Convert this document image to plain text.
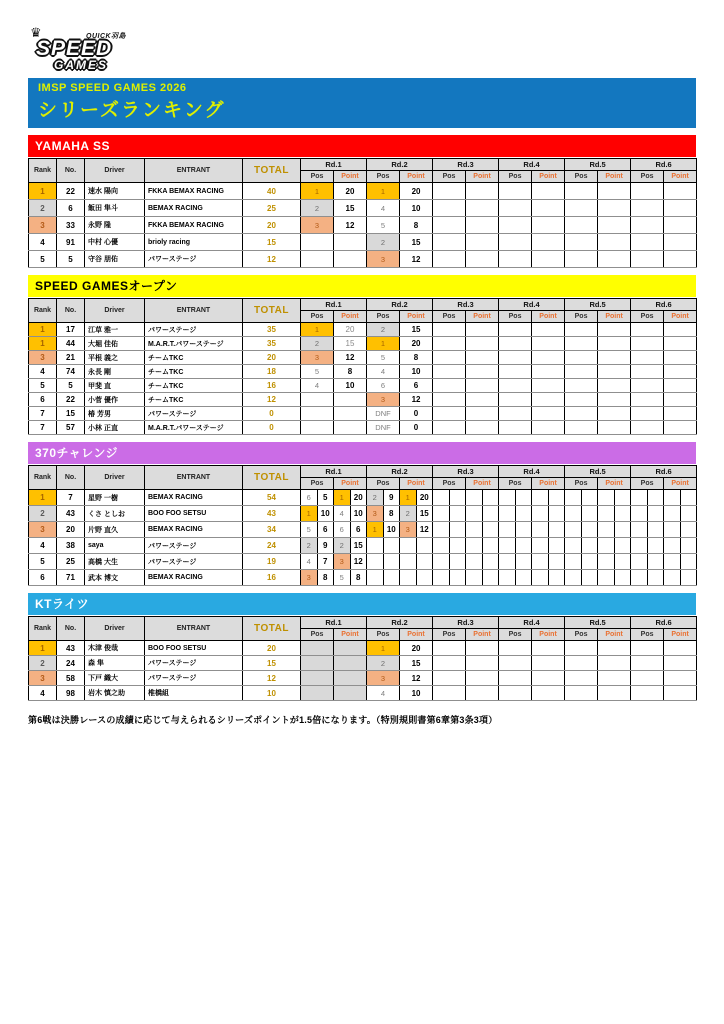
♛	QUICK羽島
SPEED
GAMES
IMSP SPEED GAMES 2026
シリーズランキング
YAMAHA SS
Rank	No.	Driver	ENTRANT	TOTAL	Rd.1		Rd.2		Rd.3		Rd.4		Rd.5		Rd.6	
					Pos	Point	Pos	Point	Pos	Point	Pos	Point	Pos	Point	Pos	Point
1	22	速水 陽向	FKKA BEMAX RACING	40	1	20	1	20								
2	6	飯田 隼斗	BEMAX RACING	25	2	15	4	10								
3	33	永野 隆	FKKA BEMAX RACING	20	3	12	5	8								
4	91	中村 心優	brioly racing	15			2	15								
5	5	守谷 朋佑	パワーステージ	12			3	12								
SPEED GAMESオープン
Rank	No.	Driver	ENTRANT	TOTAL	Rd.1		Rd.2		Rd.3		Rd.4		Rd.5		Rd.6	
					Pos	Point	Pos	Point	Pos	Point	Pos	Point	Pos	Point	Pos	Point
1	17	江草 雅一	パワーステージ	35	1	20	2	15								
1	44	大堀 佳佑	M.A.R.T.パワーステージ	35	2	15	1	20								
3	21	平根 義之	チームTKC	20	3	12	5	8								
4	74	永長 剛	チームTKC	18	5	8	4	10								
5	5	甲斐 直	チームTKC	16	4	10	6	6								
6	22	小菅 優作	チームTKC	12			3	12								
7	15	椿 芳男	パワーステージ	0			DNF	0								
7	57	小林 正直	M.A.R.T.パワーステージ	0			DNF	0								
370チャレンジ
Rank	No.	Driver	ENTRANT	TOTAL	Rd.1				Rd.2				Rd.3				Rd.4				Rd.5				Rd.6			
					Pos		Point		Pos		Point		Pos		Point		Pos		Point		Pos		Point		Pos		Point	
1	7	星野 一樹	BEMAX RACING	54	6	5	1	20	2	9	1	20																
2	43	くさ としお	BOO FOO SETSU	43	1	10	4	10	3	8	2	15																
3	20	片野 直久	BEMAX RACING	34	5	6	6	6	1	10	3	12																
4	38	saya	パワーステージ	24	2	9	2	15																				
5	25	高橋 大生	パワーステージ	19	4	7	3	12																				
6	71	武本 博文	BEMAX RACING	16	3	8	5	8																				
KTライツ
Rank	No.	Driver	ENTRANT	TOTAL	Rd.1		Rd.2		Rd.3		Rd.4		Rd.5		Rd.6	
					Pos	Point	Pos	Point	Pos	Point	Pos	Point	Pos	Point	Pos	Point
1	43	木津 俊哉	BOO FOO SETSU	20			1	20								
2	24	森 隼	パワーステージ	15			2	15								
3	58	下戸 織大	パワーステージ	12			3	12								
4	98	岩木 慎之助	椎橋組	10			4	10								
第6戦は決勝レースの成績に応じて与えられるシリーズポイントが1.5倍になります。（特別規則書第6章第3条3項）
